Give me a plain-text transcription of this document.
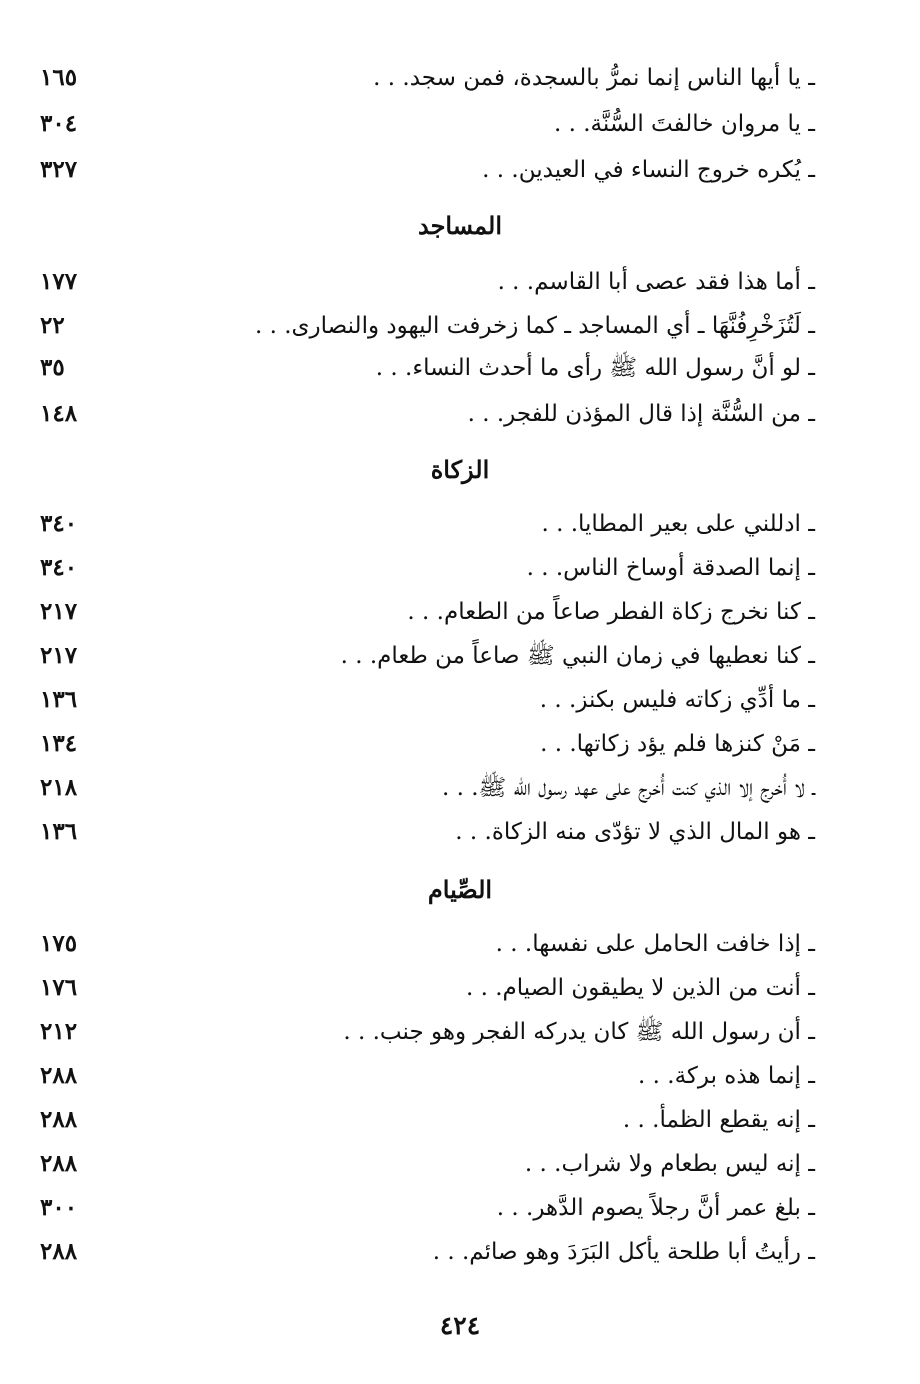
ـ يا أيها الناس إنما نمرُّ بالسجدة، فمن سجد. . .
١٦٥
ـ يا مروان خالفتَ السُّنَّة. . .
٣٠٤
ـ يُكره خروج النساء في العيدين. . .
٣٢٧
المساجد
ـ أما هذا فقد عصى أبا القاسم. . .
١٧٧
ـ لَتُزَخْرِفُنَّهَا ـ أي المساجد ـ كما زخرفت اليهود والنصارى. . .
٢٢
ـ لو أنَّ رسول الله ﷺ رأى ما أحدث النساء. . .
٣٥
ـ من السُّنَّة إذا قال المؤذن للفجر. . .
١٤٨
الزكاة
ـ ادللني على بعير المطايا. . .
٣٤٠
ـ إنما الصدقة أوساخ الناس. . .
٣٤٠
ـ كنا نخرج زكاة الفطر صاعاً من الطعام. . .
٢١٧
ـ كنا نعطيها في زمان النبي ﷺ صاعاً من طعام. . .
٢١٧
ـ ما أدِّي زكاته فليس بكنز. . .
١٣٦
ـ مَنْ كنزها فلم يؤد زكاتها. . .
١٣٤
ـ لا أُخرج إلا الذي كنت أُخرج على عهد رسول الله ﷺ. . .
٢١٨
ـ هو المال الذي لا تؤدّى منه الزكاة. . .
١٣٦
الصِّيام
ـ إذا خافت الحامل على نفسها. . .
١٧٥
ـ أنت من الذين لا يطيقون الصيام. . .
١٧٦
ـ أن رسول الله ﷺ كان يدركه الفجر وهو جنب. . .
٢١٢
ـ إنما هذه بركة. . .
٢٨٨
ـ إنه يقطع الظمأ. . .
٢٨٨
ـ إنه ليس بطعام ولا شراب. . .
٢٨٨
ـ بلغ عمر أنَّ رجلاً يصوم الدَّهر. . .
٣٠٠
ـ رأيتُ أبا طلحة يأكل البَرَدَ وهو صائم. . .
٢٨٨
٤٢٤
